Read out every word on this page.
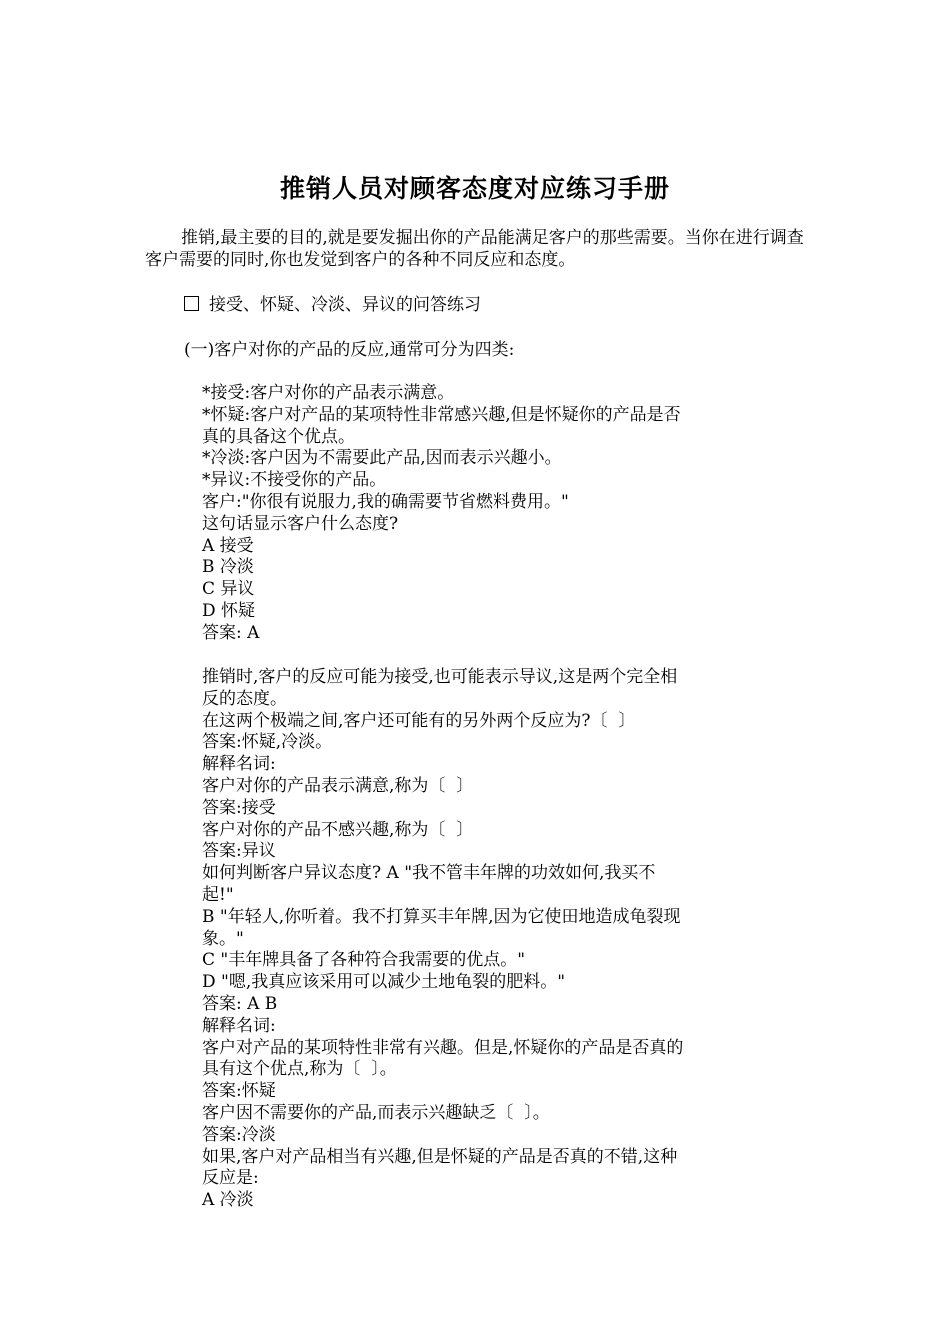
推销人员对顾客态度对应练习手册
推销,最主要的目的,就是要发掘出你的产品能满足客户的那些需要。当你在进行调查客户需要的同时,你也发觉到客户的各种不同反应和态度。
接受、怀疑、冷淡、异议的问答练习
(一)客户对你的产品的反应,通常可分为四类:
*接受:客户对你的产品表示满意。
*怀疑:客户对产品的某项特性非常感兴趣,但是怀疑你的产品是否
真的具备这个优点。
*冷淡:客户因为不需要此产品,因而表示兴趣小。
*异议:不接受你的产品。
客户:"你很有说服力,我的确需要节省燃料费用。"
这句话显示客户什么态度?
A 接受
B 冷淡
C 异议
D 怀疑
答案: A
推销时,客户的反应可能为接受,也可能表示导议,这是两个完全相
反的态度。
在这两个极端之间,客户还可能有的另外两个反应为?〔  〕
答案:怀疑,冷淡。
解释名词:
客户对你的产品表示满意,称为〔  〕
答案:接受
客户对你的产品不感兴趣,称为〔  〕
答案:异议
如何判断客户异议态度? A "我不管丰年牌的功效如何,我买不
起!"
B "年轻人,你听着。我不打算买丰年牌,因为它使田地造成龟裂现
象。"
C "丰年牌具备了各种符合我需要的优点。"
D "嗯,我真应该采用可以减少土地龟裂的肥料。"
答案: A B
解释名词:
客户对产品的某项特性非常有兴趣。但是,怀疑你的产品是否真的
具有这个优点,称为〔  〕。
答案:怀疑
客户因不需要你的产品,而表示兴趣缺乏〔  〕。
答案:冷淡
如果,客户对产品相当有兴趣,但是怀疑的产品是否真的不错,这种
反应是:
A 冷淡
